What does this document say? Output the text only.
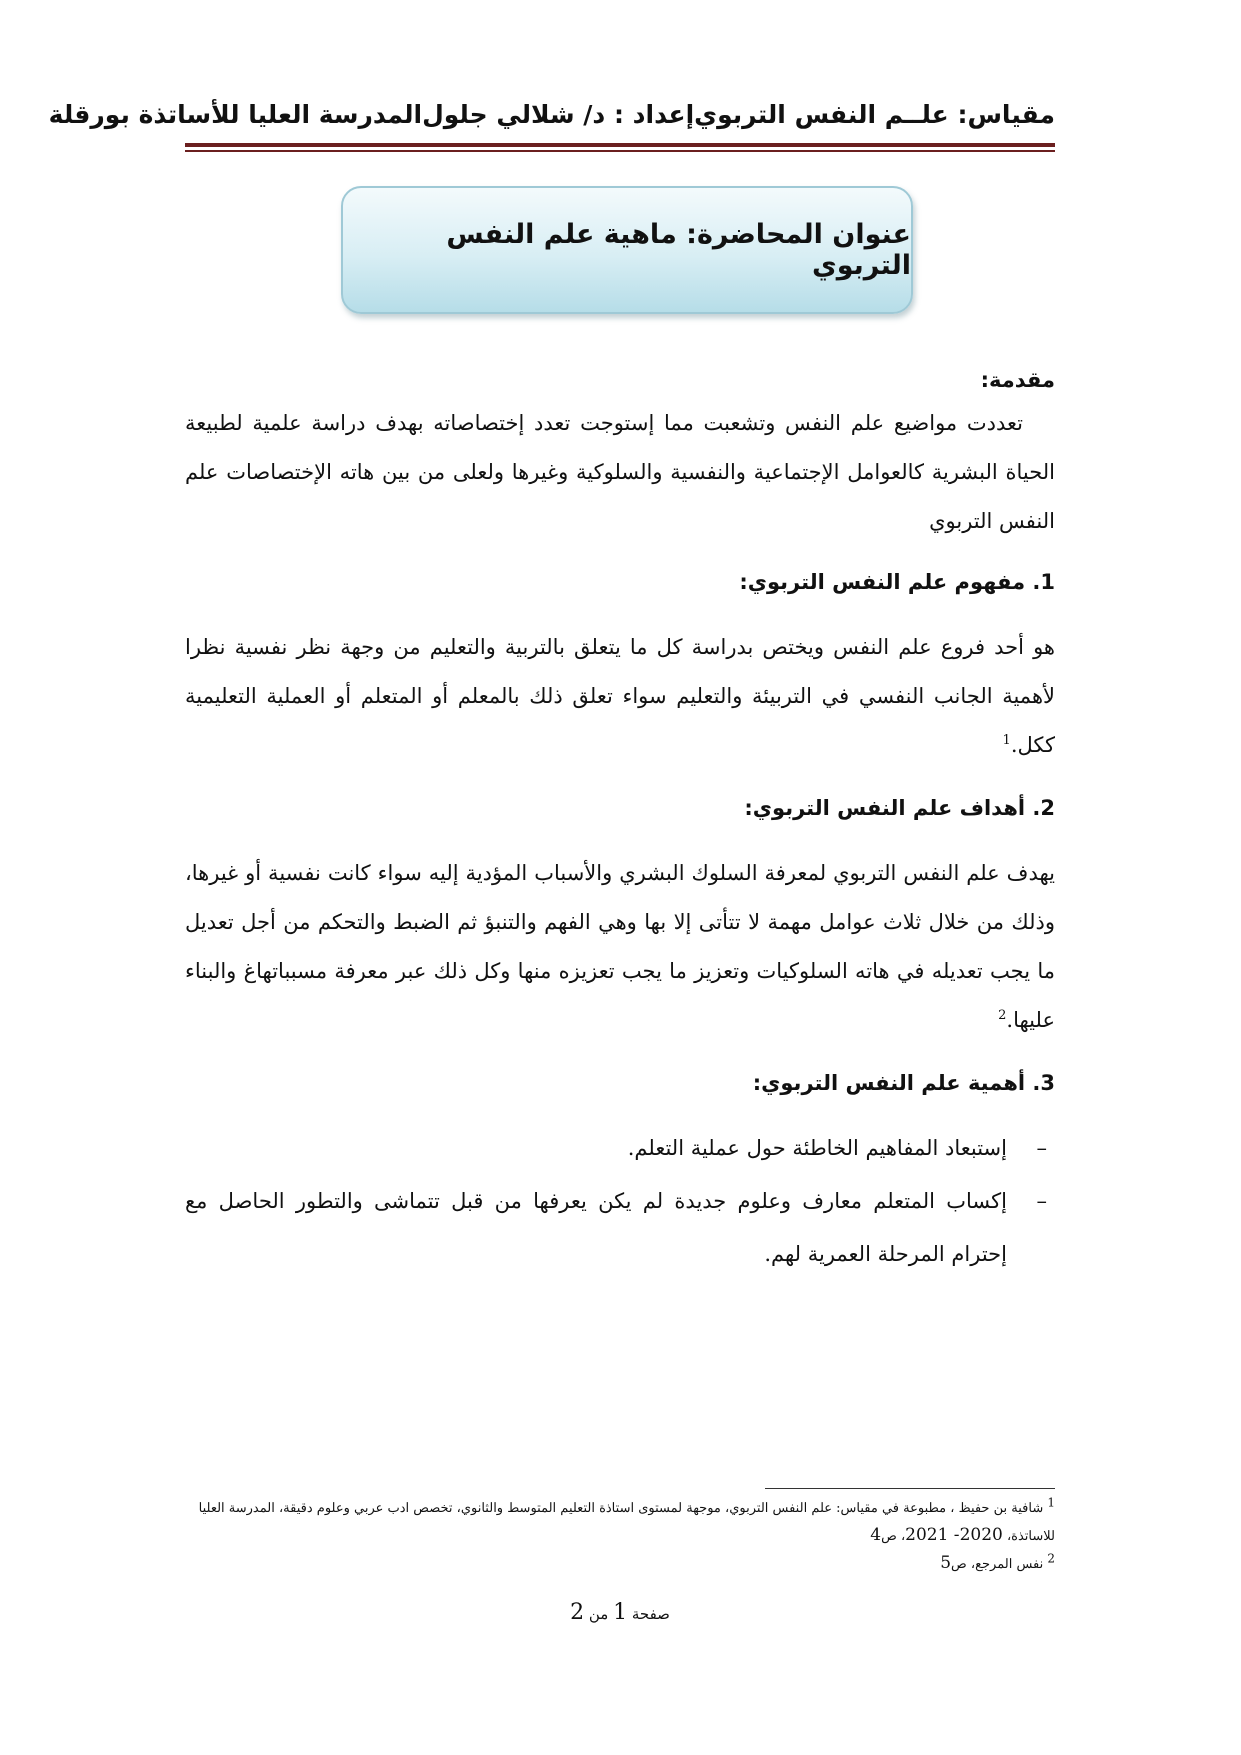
مقياس: علــم النفس التربوي
إعداد : د/ شلالي جلول
المدرسة العليا للأساتذة بورقلة
عنوان المحاضرة: ماهية علم النفس التربوي
مقدمة:

تعددت مواضيع علم النفس وتشعبت مما إستوجت تعدد إختصاصاته بهدف دراسة علمية لطبيعة الحياة البشرية كالعوامل الإجتماعية والنفسية والسلوكية وغيرها ولعلى من بين هاته الإختصاصات علم النفس التربوي

1. مفهوم علم النفس التربوي:

هو أحد فروع علم النفس ويختص بدراسة كل ما يتعلق بالتربية والتعليم من وجهة نظر نفسية نظرا لأهمية الجانب النفسي في التربيئة والتعليم سواء تعلق ذلك بالمعلم أو المتعلم أو العملية التعليمية ككل.$^1$

2. أهداف علم النفس التربوي:

يهدف علم النفس التربوي لمعرفة السلوك البشري والأسباب المؤدية إليه سواء كانت نفسية أو غيرها، وذلك من خلال ثلاث عوامل مهمة لا تتأتى إلا بها وهي الفهم والتنبؤ ثم الضبط والتحكم من أجل تعديل ما يجب تعديله في هاته السلوكيات وتعزيز ما يجب تعزيزه منها وكل ذلك عبر معرفة مسبباتهاغ والبناء عليها.$^2$

3. أهمية علم النفس التربوي:
–
إستبعاد المفاهيم الخاطئة حول عملية التعلم.
–
إكساب المتعلم معارف وعلوم جديدة لم يكن يعرفها من قبل تتماشى والتطور الحاصل مع إحترام المرحلة العمرية لهم.
1 شافية بن حفيظ ، مطبوعة في مقياس: علم النفس التربوي، موجهة لمستوى استاذة التعليم المتوسط والثانوي، تخصص ادب عربي وعلوم دقيقة، المدرسة العليا
للاساتذة، 2020- 2021، ص4
2 نفس المرجع، ص5
صفحة 1 من 2
